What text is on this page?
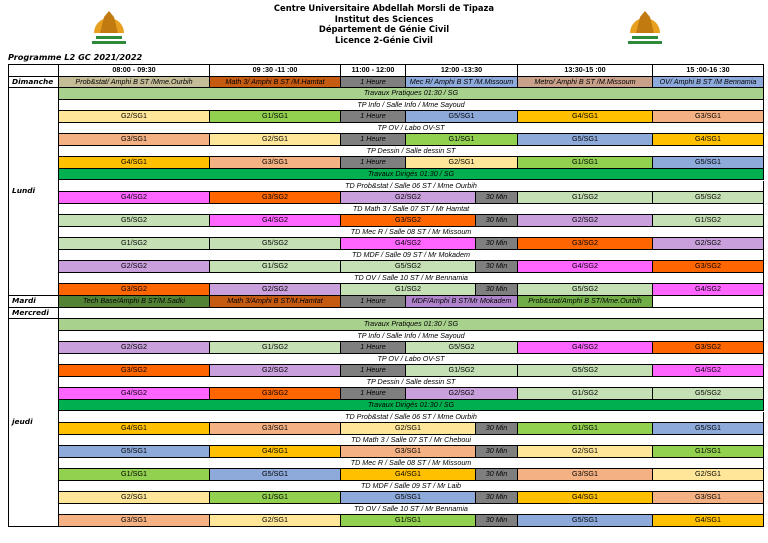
Centre Universitaire Abdellah Morsli de Tipaza
Institut des Sciences
Département de Génie Civil
Licence 2-Génie Civil
Programme L2 GC 2021/2022
08:00 - 09:30	09 :30 -11 :00	11:00 - 12:00	12:00 -13:30	13:30-15 :00	15 :00-16 :30
Dimanche	Prob&stat/ Amphi B ST /Mme.Ourbih	Math 3/ Amphi B ST /M.Hamtat	1 Heure	Mec R/ Amphi B ST /M.Missoum	Metro/ Amphi B ST /M.Missoum	OV/ Amphi B ST /M Bennamia
Travaux Pratiques 01:30 / SG
TP Info / Salle Info / Mme Sayoud
G2/SG1	G1/SG1	1 Heure	G5/SG1	G4/SG1	G3/SG1
TP OV / Labo OV-ST
G3/SG1	G2/SG1	1 Heure	G1/SG1	G5/SG1	G4/SG1
TP Dessin / Salle dessin ST
G4/SG1	G3/SG1	1 Heure	G2/SG1	G1/SG1	G5/SG1
Travaux Dirigés 01:30 / SG
TD Prob&stat / Salle 06 ST / Mme Ourbih
G4/SG2	G3/SG2	G2/SG2	30 Min	G1/SG2	G5/SG2
TD Math 3 / Salle 07 ST / Mr Hamtat
G5/SG2	G4/SG2	G3/SG2	30 Min	G2/SG2	G1/SG2
TD Mec R / Salle 08 ST / Mr Missoum
G1/SG2	G5/SG2	G4/SG2	30 Min	G3/SG2	G2/SG2
TD MDF / Salle 09 ST / Mr Mokadem
G2/SG2	G1/SG2	G5/SG2	30 Min	G4/SG2	G3/SG2
TD OV / Salle 10 ST / Mr Bennamia
G3/SG2	G2/SG2	G1/SG2	30 Min	G5/SG2	G4/SG2
Lundi
Mardi	Tech Base/Amphi B ST/M.Sadki	Math 3/Amphi B ST/M.Hamtat	1 Heure	MDF/Amphi B ST/Mr Mokadem	Prob&stat/Amphi B ST/Mme.Ourbih
Mercredi
Travaux Pratiques 01:30 / SG
TP Info / Salle Info / Mme Sayoud
G2/SG2	G1/SG2	1 Heure	G5/SG2	G4/SG2	G3/SG2
TP OV / Labo OV-ST
G3/SG2	G2/SG2	1 Heure	G1/SG2	G5/SG2	G4/SG2
TP Dessin / Salle dessin ST
G4/SG2	G3/SG2	1 Heure	G2/SG2	G1/SG2	G5/SG2
Travaux Dirigés 01:30 / SG
TD Prob&stat / Salle 06 ST / Mme Ourbih
G4/SG1	G3/SG1	G2/SG1	30 Min	G1/SG1	G5/SG1
TD Math 3 / Salle 07 ST / Mr Cheboui
G5/SG1	G4/SG1	G3/SG1	30 Min	G2/SG1	G1/SG1
TD Mec R / Salle 08 ST / Mr Missoum
G1/SG1	G5/SG1	G4/SG1	30 Min	G3/SG1	G2/SG1
TD MDF / Salle 09 ST / Mr Laib
G2/SG1	G1/SG1	G5/SG1	30 Min	G4/SG1	G3/SG1
TD OV / Salle 10 ST / Mr Bennamia
G3/SG1	G2/SG1	G1/SG1	30 Min	G5/SG1	G4/SG1
jeudi
